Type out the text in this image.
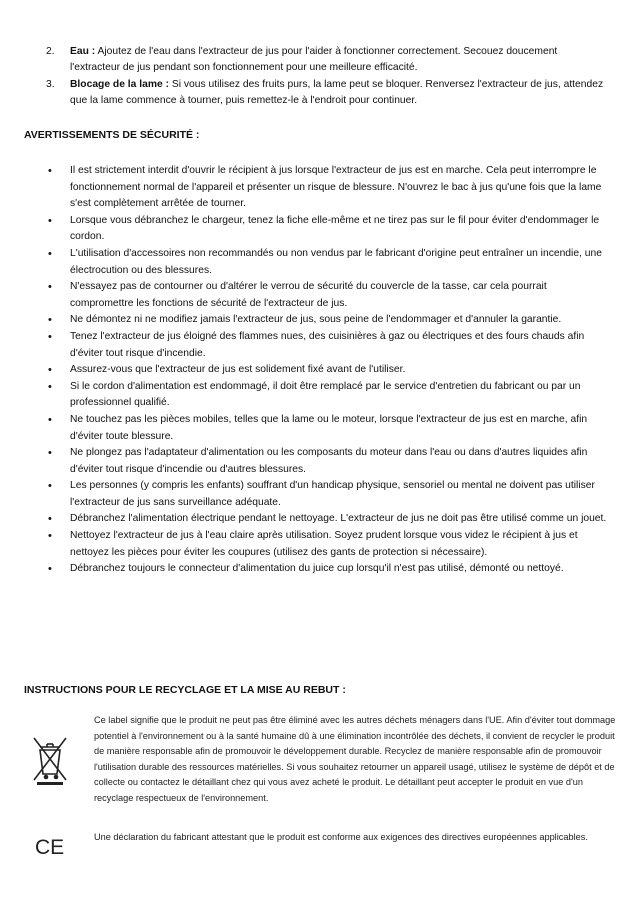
2. Eau : Ajoutez de l'eau dans l'extracteur de jus pour l'aider à fonctionner correctement. Secouez doucement l'extracteur de jus pendant son fonctionnement pour une meilleure efficacité.
3. Blocage de la lame : Si vous utilisez des fruits purs, la lame peut se bloquer. Renversez l'extracteur de jus, attendez que la lame commence à tourner, puis remettez-le à l'endroit pour continuer.
AVERTISSEMENTS DE SÉCURITÉ :
• Il est strictement interdit d'ouvrir le récipient à jus lorsque l'extracteur de jus est en marche. Cela peut interrompre le fonctionnement normal de l'appareil et présenter un risque de blessure. N'ouvrez le bac à jus qu'une fois que la lame s'est complètement arrêtée de tourner.
• Lorsque vous débranchez le chargeur, tenez la fiche elle-même et ne tirez pas sur le fil pour éviter d'endommager le cordon.
• L'utilisation d'accessoires non recommandés ou non vendus par le fabricant d'origine peut entraîner un incendie, une électrocution ou des blessures.
• N'essayez pas de contourner ou d'altérer le verrou de sécurité du couvercle de la tasse, car cela pourrait compromettre les fonctions de sécurité de l'extracteur de jus.
• Ne démontez ni ne modifiez jamais l'extracteur de jus, sous peine de l'endommager et d'annuler la garantie.
• Tenez l'extracteur de jus éloigné des flammes nues, des cuisinières à gaz ou électriques et des fours chauds afin d'éviter tout risque d'incendie.
• Assurez-vous que l'extracteur de jus est solidement fixé avant de l'utiliser.
• Si le cordon d'alimentation est endommagé, il doit être remplacé par le service d'entretien du fabricant ou par un professionnel qualifié.
• Ne touchez pas les pièces mobiles, telles que la lame ou le moteur, lorsque l'extracteur de jus est en marche, afin d'éviter toute blessure.
• Ne plongez pas l'adaptateur d'alimentation ou les composants du moteur dans l'eau ou dans d'autres liquides afin d'éviter tout risque d'incendie ou d'autres blessures.
• Les personnes (y compris les enfants) souffrant d'un handicap physique, sensoriel ou mental ne doivent pas utiliser l'extracteur de jus sans surveillance adéquate.
• Débranchez l'alimentation électrique pendant le nettoyage. L'extracteur de jus ne doit pas être utilisé comme un jouet.
• Nettoyez l'extracteur de jus à l'eau claire après utilisation. Soyez prudent lorsque vous videz le récipient à jus et nettoyez les pièces pour éviter les coupures (utilisez des gants de protection si nécessaire).
• Débranchez toujours le connecteur d'alimentation du juice cup lorsqu'il n'est pas utilisé, démonté ou nettoyé.
INSTRUCTIONS POUR LE RECYCLAGE ET LA MISE AU REBUT :
Ce label signifie que le produit ne peut pas être éliminé avec les autres déchets ménagers dans l'UE. Afin d'éviter tout dommage potentiel à l'environnement ou à la santé humaine dû à une élimination incontrôlée des déchets, il convient de recycler le produit de manière responsable afin de promouvoir le développement durable. Recyclez de manière responsable afin de promouvoir l'utilisation durable des ressources matérielles. Si vous souhaitez retourner un appareil usagé, utilisez le système de dépôt et de collecte ou contactez le détaillant chez qui vous avez acheté le produit. Le détaillant peut accepter le produit en vue d'un recyclage respectueux de l'environnement.
CE	Une déclaration du fabricant attestant que le produit est conforme aux exigences des directives européennes applicables.
